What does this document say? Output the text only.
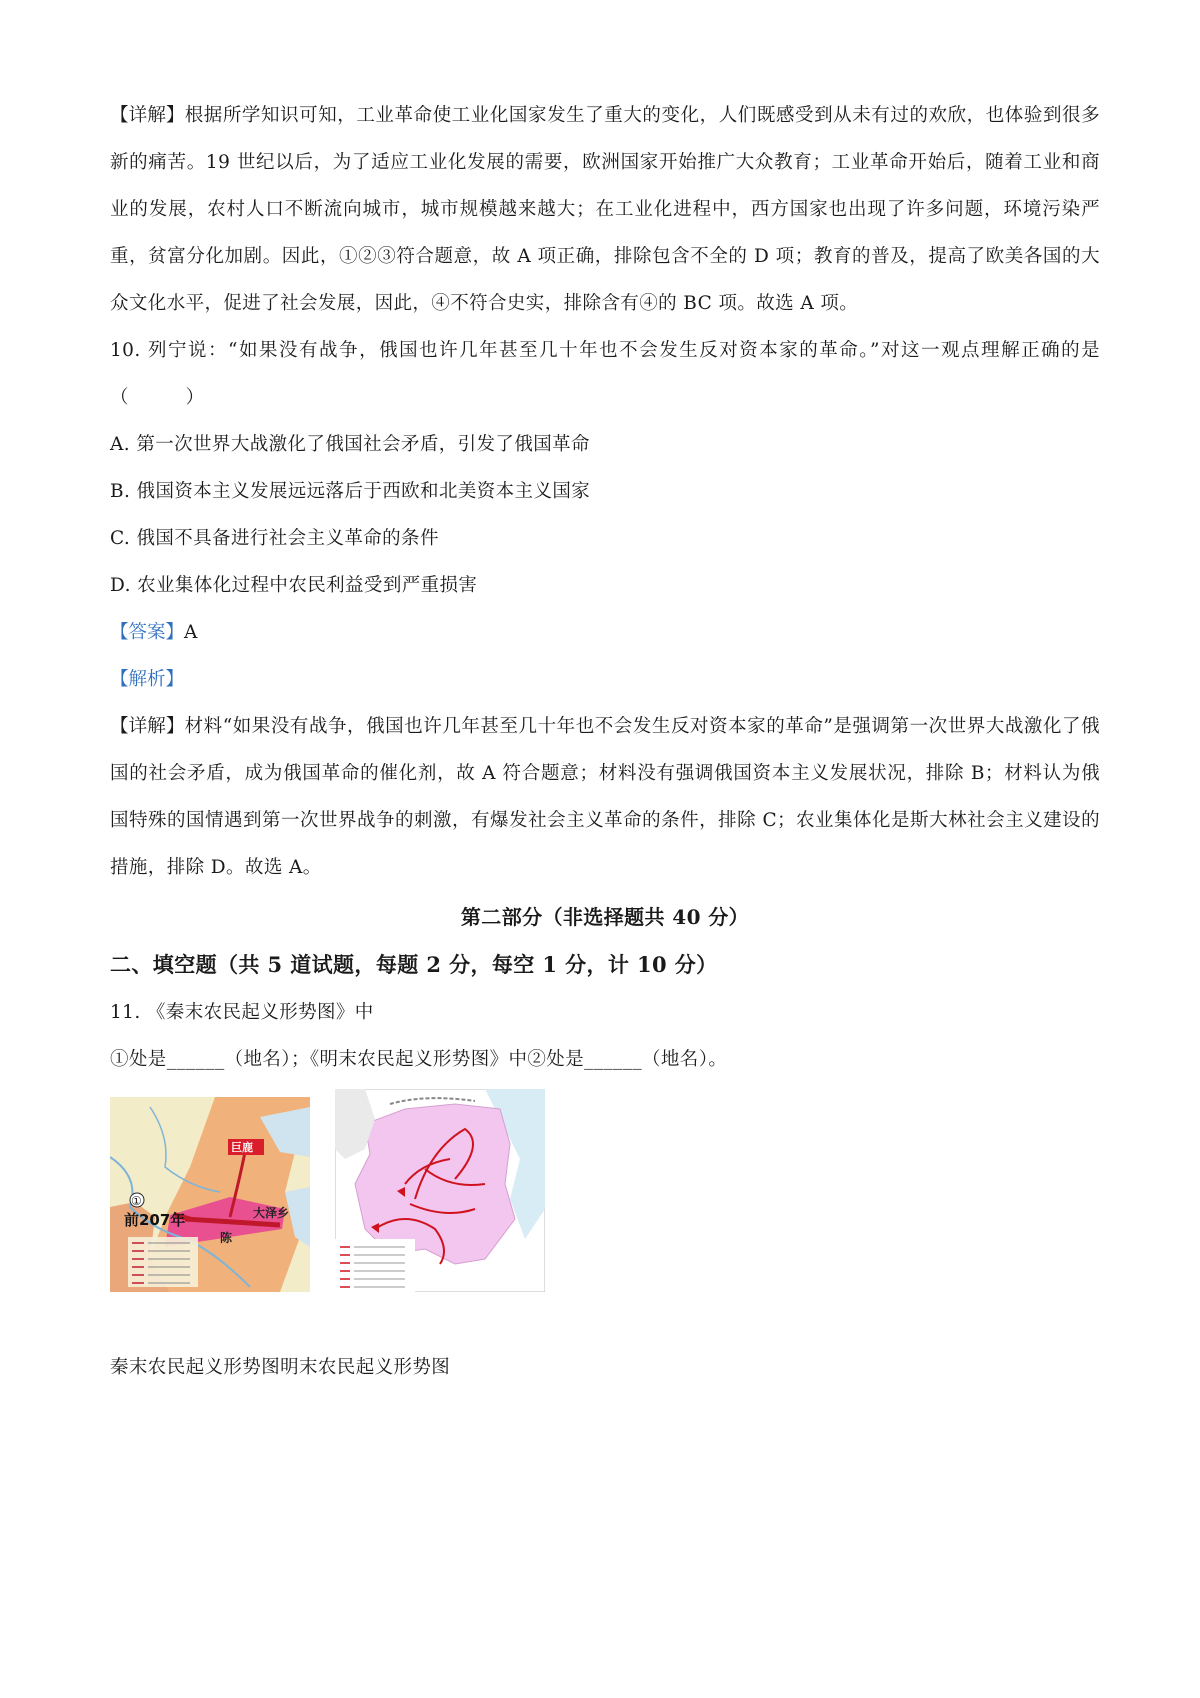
【详解】根据所学知识可知，工业革命使工业化国家发生了重大的变化，人们既感受到从未有过的欢欣，也体验到很多新的痛苦。19 世纪以后，为了适应工业化发展的需要，欧洲国家开始推广大众教育；工业革命开始后，随着工业和商业的发展，农村人口不断流向城市，城市规模越来越大；在工业化进程中，西方国家也出现了许多问题，环境污染严重，贫富分化加剧。因此，①②③符合题意，故 A 项正确，排除包含不全的 D 项；教育的普及，提高了欧美各国的大众文化水平，促进了社会发展，因此，④不符合史实，排除含有④的 BC 项。故选 A 项。

10. 列宁说：“如果没有战争，俄国也许几年甚至几十年也不会发生反对资本家的革命。”对这一观点理解正确的是（　　　）

A. 第一次世界大战激化了俄国社会矛盾，引发了俄国革命

B. 俄国资本主义发展远远落后于西欧和北美资本主义国家

C. 俄国不具备进行社会主义革命的条件

D. 农业集体化过程中农民利益受到严重损害

【答案】A

【解析】

【详解】材料“如果没有战争，俄国也许几年甚至几十年也不会发生反对资本家的革命”是强调第一次世界大战激化了俄国的社会矛盾，成为俄国革命的催化剂，故 A 符合题意；材料没有强调俄国资本主义发展状况，排除 B；材料认为俄国特殊的国情遇到第一次世界战争的刺激，有爆发社会主义革命的条件，排除 C；农业集体化是斯大林社会主义建设的措施，排除 D。故选 A。

第二部分（非选择题共 40 分）

二、填空题（共 5 道试题，每题 2 分，每空 1 分，计 10 分）

11. 《秦末农民起义形势图》中

①处是______（地名）；《明末农民起义形势图》中②处是______（地名）。

巨鹿
大泽乡
陈
①
前207年

秦末农民起义形势图明末农民起义形势图
